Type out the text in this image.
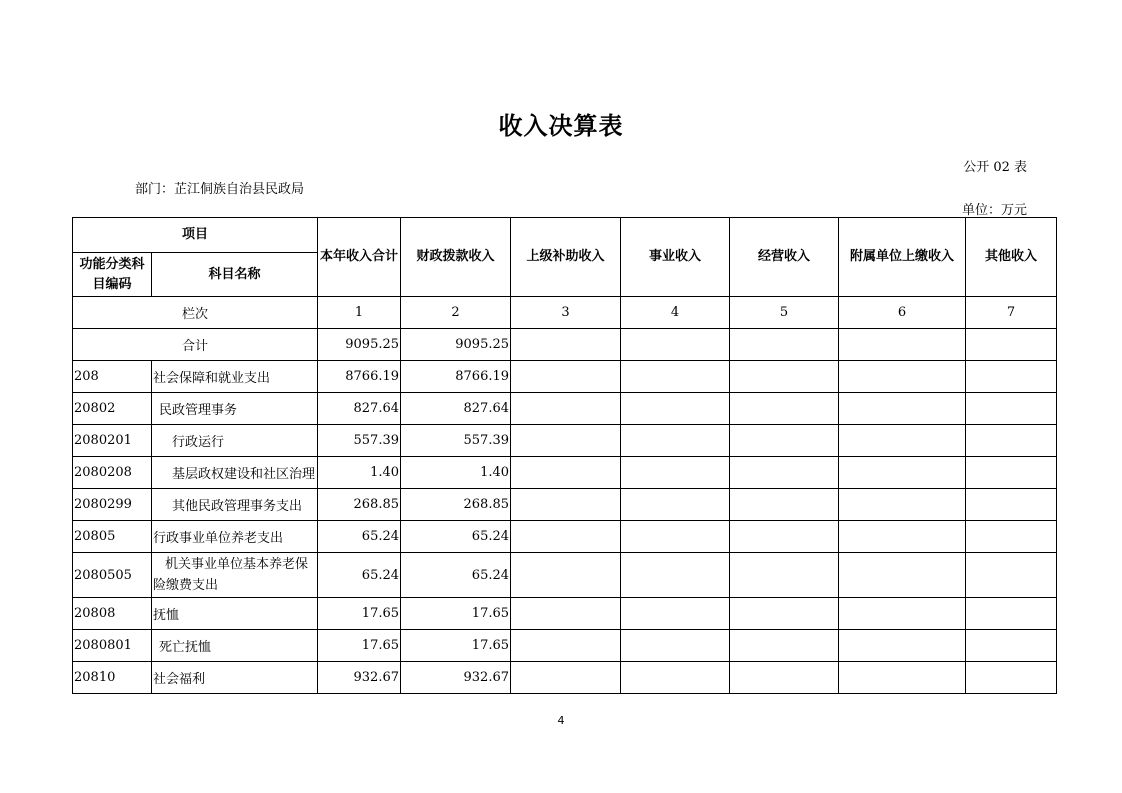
收入决算表
公开 02 表
部门：芷江侗族自治县民政局
单位：万元
项目		本年收入合计	财政拨款收入	上级补助收入	事业收入	经营收入	附属单位上缴收入	其他收入
功能分类科目编码	科目名称							
栏次		1	2	3	4	5	6	7
合计		9095.25	9095.25					
208	社会保障和就业支出	8766.19	8766.19					
20802	民政管理事务	827.64	827.64					
2080201	行政运行	557.39	557.39					
2080208	基层政权建设和社区治理	1.40	1.40					
2080299	其他民政管理事务支出	268.85	268.85					
20805	行政事业单位养老支出	65.24	65.24					
2080505	机关事业单位基本养老保险缴费支出	65.24	65.24					
20808	抚恤	17.65	17.65					
2080801	死亡抚恤	17.65	17.65					
20810	社会福利	932.67	932.67					
4
